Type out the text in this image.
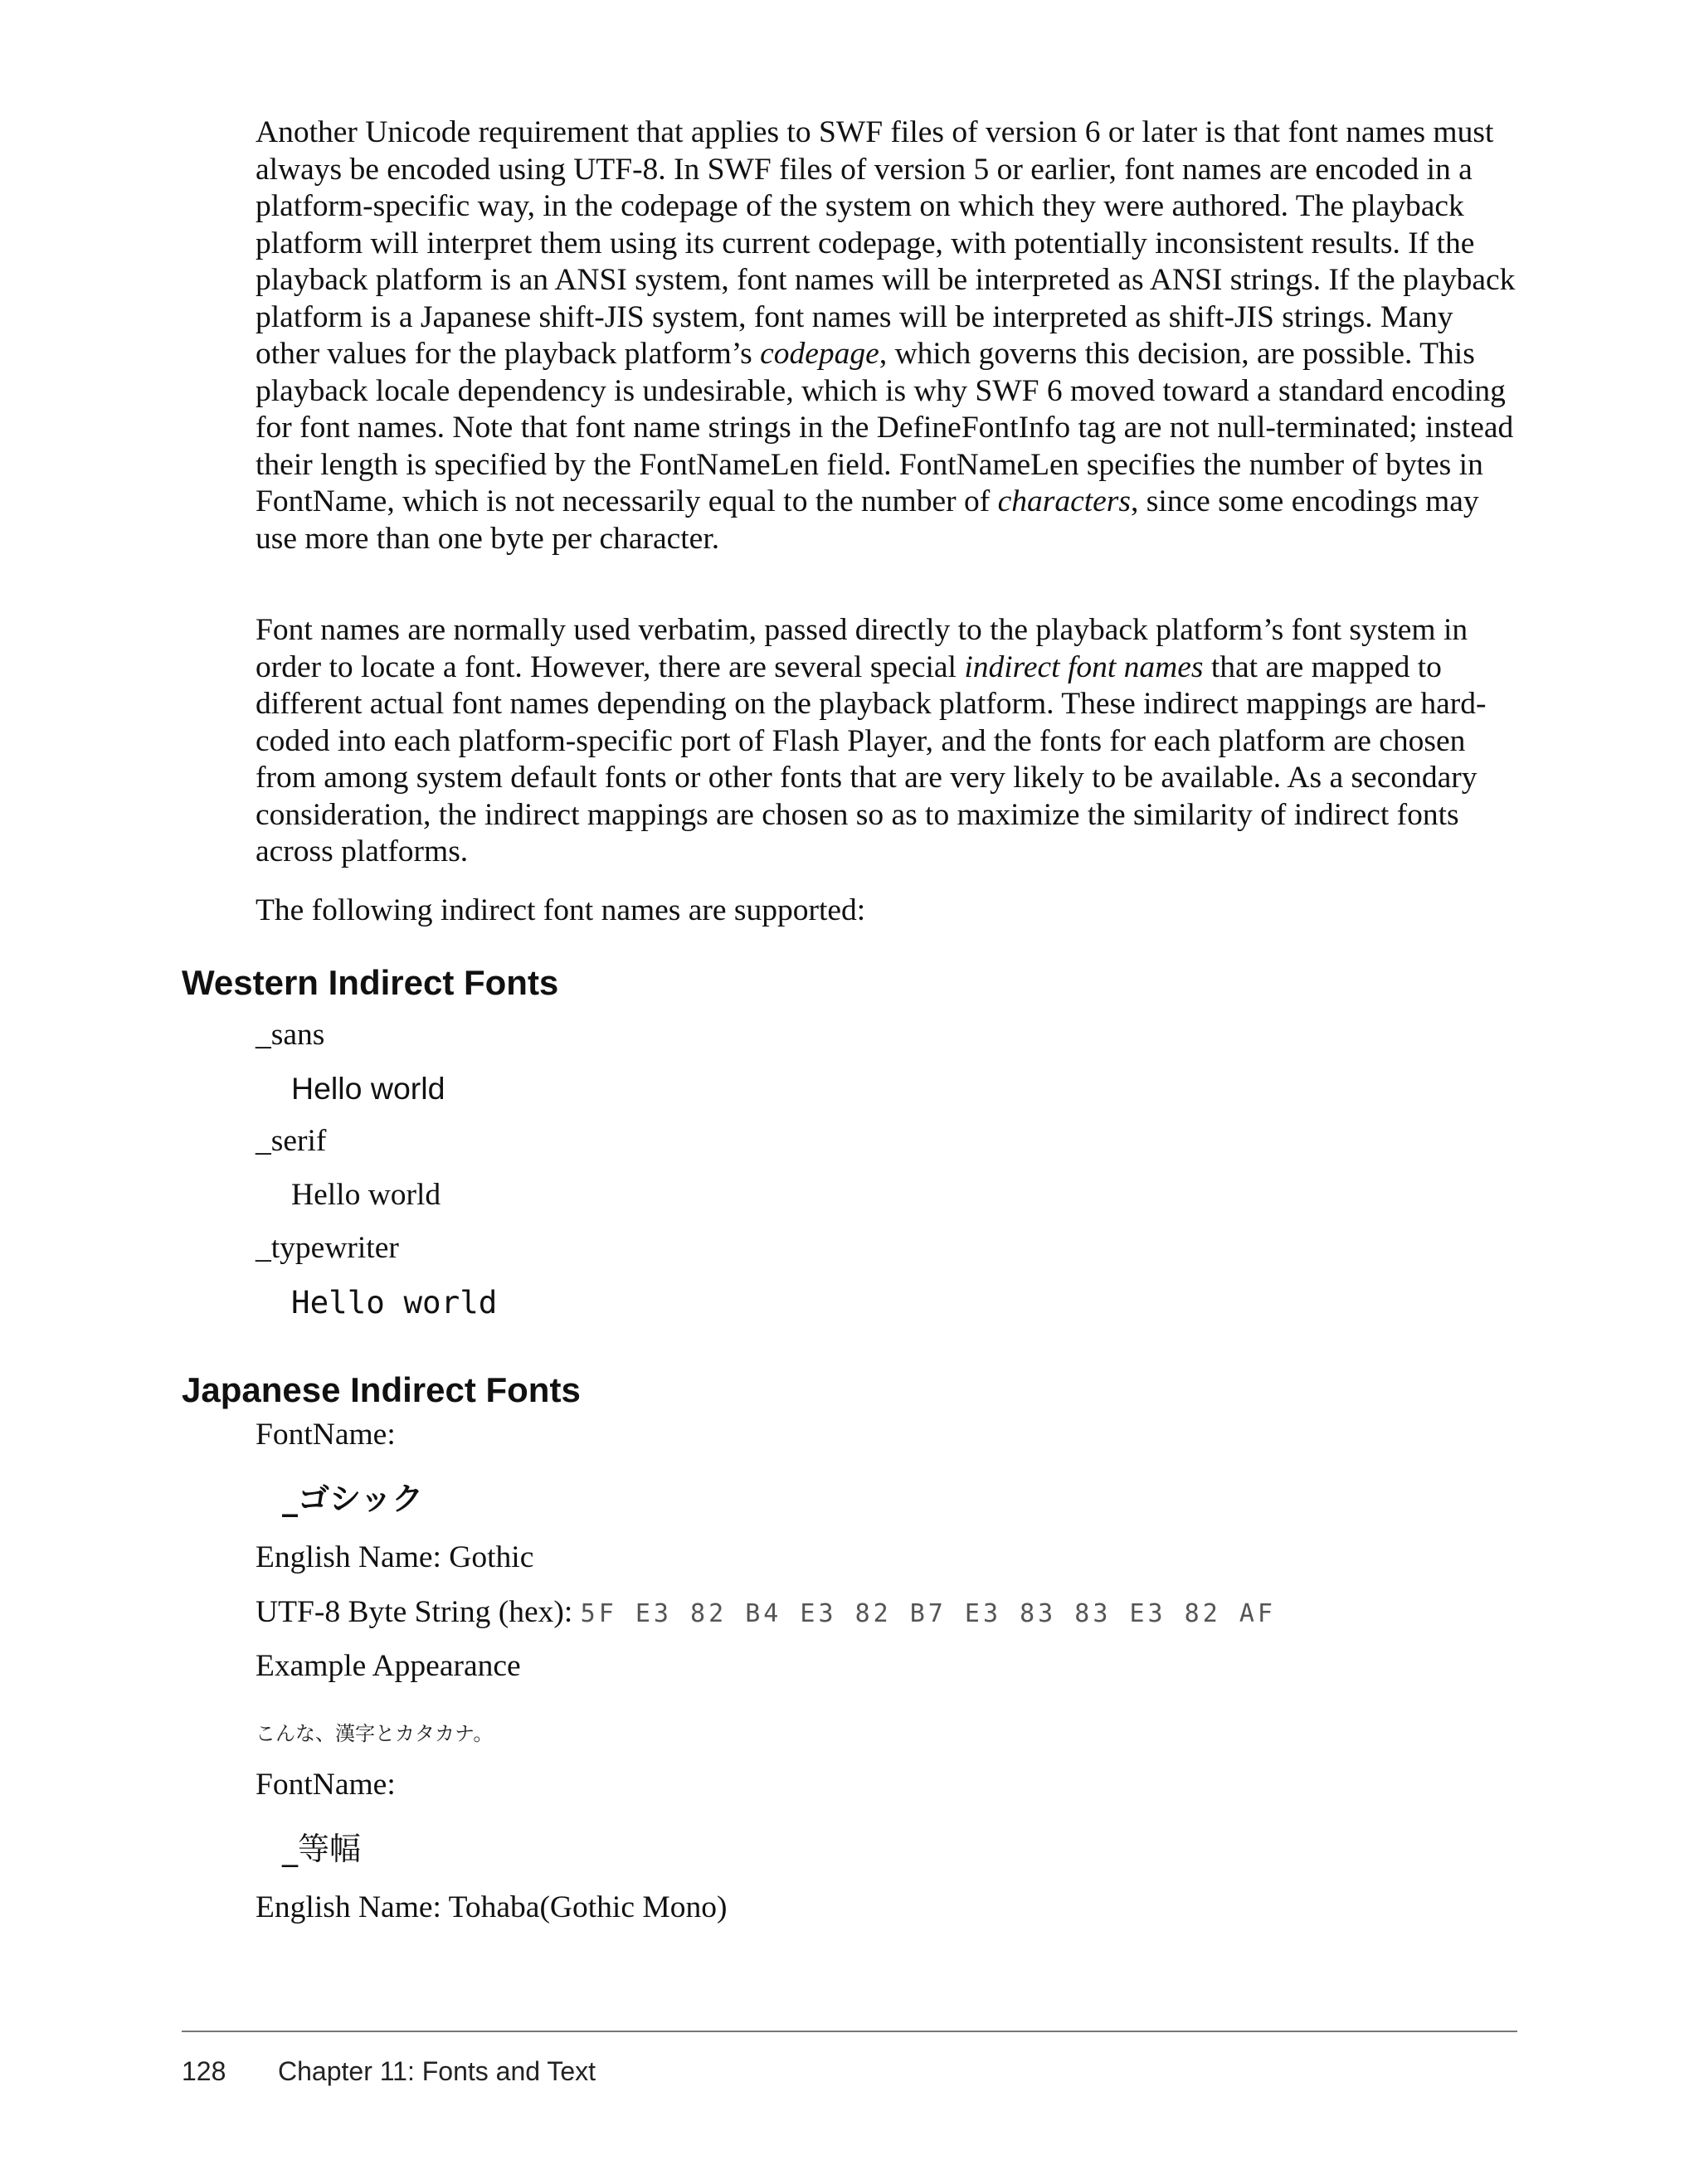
Another Unicode requirement that applies to SWF files of version 6 or later is that font names must always be encoded using UTF-8. In SWF files of version 5 or earlier, font names are encoded in a platform-specific way, in the codepage of the system on which they were authored. The playback platform will interpret them using its current codepage, with potentially inconsistent results. If the playback platform is an ANSI system, font names will be interpreted as ANSI strings. If the playback platform is a Japanese shift-JIS system, font names will be interpreted as shift-JIS strings. Many other values for the playback platform’s codepage, which governs this decision, are possible. This playback locale dependency is undesirable, which is why SWF 6 moved toward a standard encoding for font names. Note that font name strings in the DefineFontInfo tag are not null-terminated; instead their length is specified by the FontNameLen field. FontNameLen specifies the number of bytes in FontName, which is not necessarily equal to the number of characters, since some encodings may use more than one byte per character.

Font names are normally used verbatim, passed directly to the playback platform’s font system in order to locate a font. However, there are several special indirect font names that are mapped to different actual font names depending on the playback platform. These indirect mappings are hard-coded into each platform-specific port of Flash Player, and the fonts for each platform are chosen from among system default fonts or other fonts that are very likely to be available. As a secondary consideration, the indirect mappings are chosen so as to maximize the similarity of indirect fonts across platforms.

The following indirect font names are supported:

Western Indirect Fonts
_sans
Hello world
_serif
Hello world
_typewriter
Hello world
Japanese Indirect Fonts
FontName:
_ゴシック
English Name: Gothic
UTF-8 Byte String (hex): 5F E3 82 B4 E3 82 B7 E3 83 83 E3 82 AF
Example Appearance
こんな、漢字とカタカナ。
FontName:
_等幅
English Name: Tohaba(Gothic Mono)
128 Chapter 11: Fonts and Text
